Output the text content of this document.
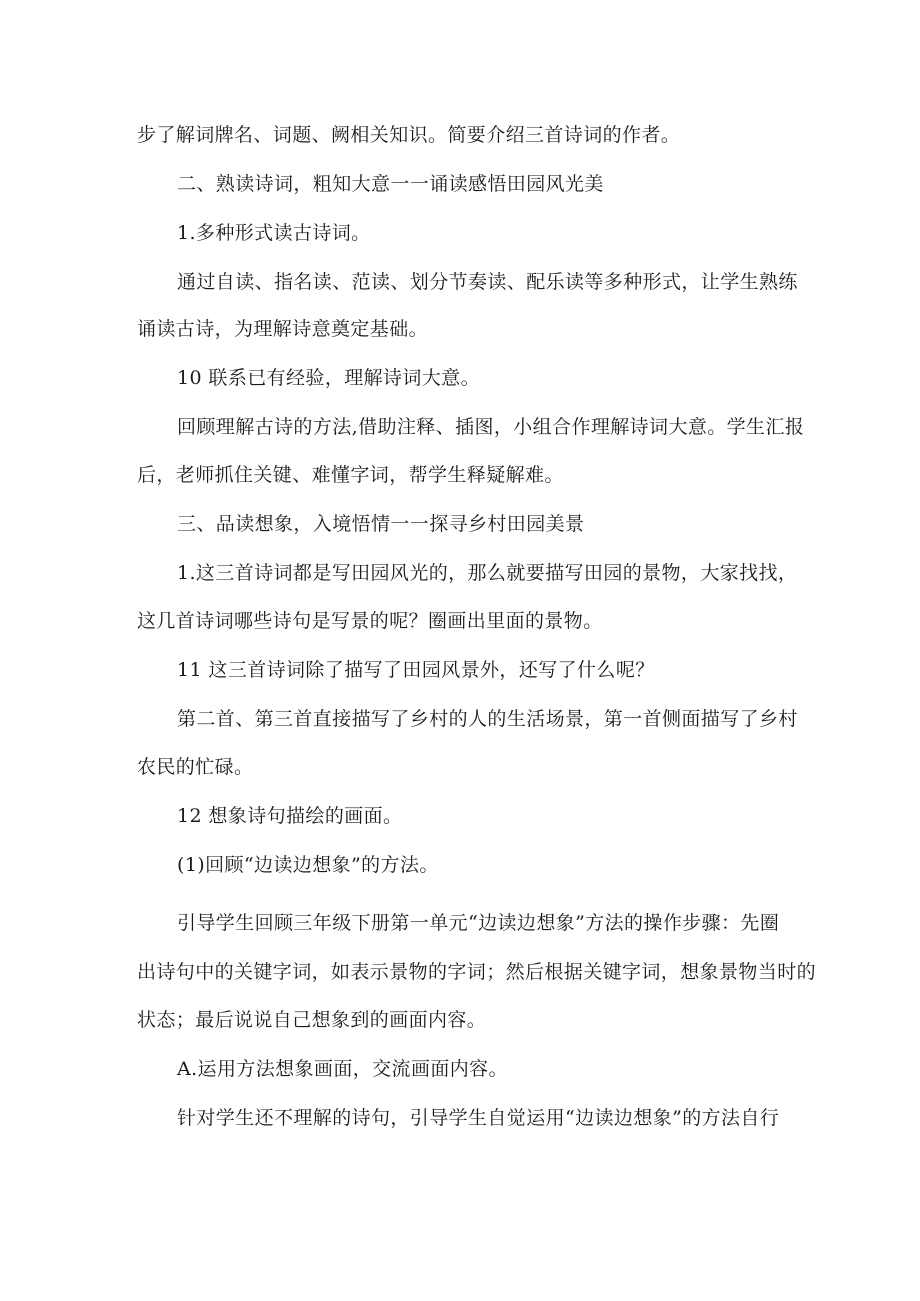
步了解词牌名、词题、阙相关知识。简要介绍三首诗词的作者。
二、熟读诗词，粗知大意一一诵读感悟田园风光美
1.多种形式读古诗词。
通过自读、指名读、范读、划分节奏读、配乐读等多种形式，让学生熟练
诵读古诗，为理解诗意奠定基础。
10 联系已有经验，理解诗词大意。
回顾理解古诗的方法,借助注释、插图，小组合作理解诗词大意。学生汇报
后，老师抓住关键、难懂字词，帮学生释疑解难。
三、品读想象，入境悟情一一探寻乡村田园美景
1.这三首诗词都是写田园风光的，那么就要描写田园的景物，大家找找，
这几首诗词哪些诗句是写景的呢？圈画出里面的景物。
11 这三首诗词除了描写了田园风景外，还写了什么呢？
第二首、第三首直接描写了乡村的人的生活场景，第一首侧面描写了乡村
农民的忙碌。
12 想象诗句描绘的画面。
(1)回顾“边读边想象”的方法。
引导学生回顾三年级下册第一单元“边读边想象”方法的操作步骤：先圈
出诗句中的关键字词，如表示景物的字词；然后根据关键字词，想象景物当时的
状态；最后说说自己想象到的画面内容。
A.运用方法想象画面，交流画面内容。
针对学生还不理解的诗句，引导学生自觉运用“边读边想象”的方法自行
